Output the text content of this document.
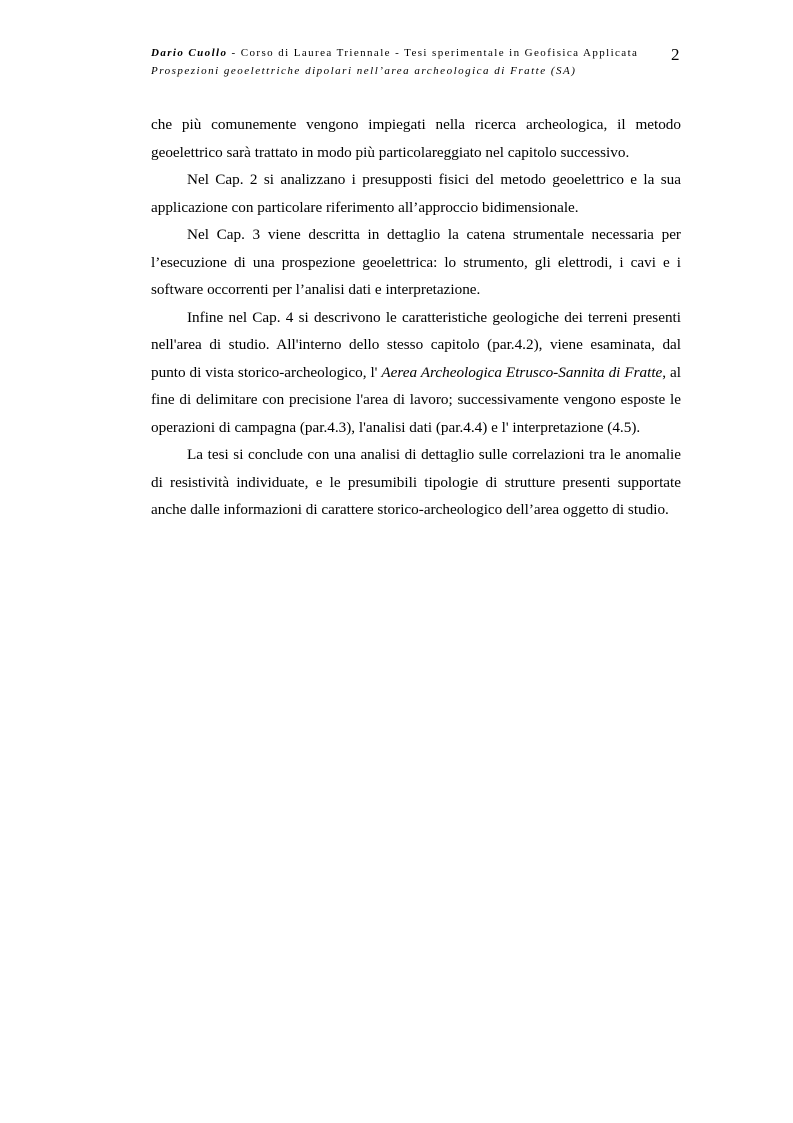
Dario Cuollo - Corso di Laurea Triennale - Tesi sperimentale in Geofisica Applicata
Prospezioni geoelettriche dipolari nell’area archeologica di Fratte (SA)
2

che più comunemente vengono impiegati nella ricerca archeologica, il metodo geoelettrico sarà trattato in modo più particolareggiato nel capitolo successivo.

Nel Cap. 2 si analizzano i presupposti fisici del metodo geoelettrico e la sua applicazione con particolare riferimento all’approccio bidimensionale.

Nel Cap. 3 viene descritta in dettaglio la catena strumentale necessaria per l’esecuzione di una prospezione geoelettrica: lo strumento, gli elettrodi, i cavi e i software occorrenti per l’analisi dati e interpretazione.

Infine nel Cap. 4 si descrivono le caratteristiche geologiche dei terreni presenti nell'area di studio. All'interno dello stesso capitolo (par.4.2), viene esaminata, dal punto di vista storico-archeologico, l' Aerea Archeologica Etrusco-Sannita di Fratte, al fine di delimitare con precisione l'area di lavoro; successivamente vengono esposte le operazioni di campagna (par.4.3), l'analisi dati (par.4.4) e l' interpretazione (4.5).

La tesi si conclude con una analisi di dettaglio sulle correlazioni tra le anomalie di resistività individuate, e le presumibili tipologie di strutture presenti supportate anche dalle informazioni di carattere storico-archeologico dell’area oggetto di studio.
